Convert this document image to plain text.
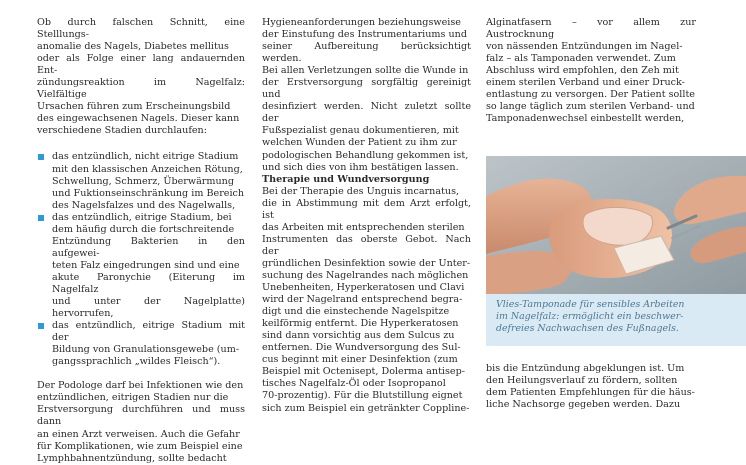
Ob durch falschen Schnitt, eine Stelllungs-
anomalie des Nagels, Diabetes mellitus
oder als Folge einer lang andauernden Ent-
zündungsreaktion im Nagelfalz: Vielfältige
Ursachen führen zum Erscheinungsbild
des eingewachsenen Nagels. Dieser kann
verschiedene Stadien durchlaufen:

das entzündlich, nicht eitrige Stadium
mit den klassischen Anzeichen Rötung,
Schwellung, Schmerz, Überwärmung
und Fuktionseinschränkung im Bereich
des Nagelsfalzes und des Nagelwalls,
das entzündlich, eitrige Stadium, bei
dem häufig durch die fortschreitende
Entzündung Bakterien in den aufgewei-
teten Falz eingedrungen sind und eine
akute Paronychie (Eiterung im Nagelfalz
und unter der Nagelplatte) hervorrufen,
das entzündlich, eitrige Stadium mit der
Bildung von Granulationsgewebe (um-
gangssprachlich „wildes Fleisch“).

Der Podologe darf bei Infektionen wie den
entzündlichen, eitrigen Stadien nur die
Erstversorgung durchführen und muss dann
an einen Arzt verweisen. Auch die Gefahr
für Komplikationen, wie zum Beispiel eine
Lymphbahnentzündung, sollte bedacht

Hygieneanforderungen beziehungsweise
der Einstufung des Instrumentariums und
seiner Aufbereitung berücksichtigt werden.
Bei allen Verletzungen sollte die Wunde in
der Erstversorgung sorgfältig gereinigt und
desinfiziert werden. Nicht zuletzt sollte der
Fußspezialist genau dokumentieren, mit
welchen Wunden der Patient zu ihm zur
podologischen Behandlung gekommen ist,
und sich dies von ihm bestätigen lassen.

Therapie und Wundversorgung

Bei der Therapie des Unguis incarnatus,
die in Abstimmung mit dem Arzt erfolgt, ist
das Arbeiten mit entsprechenden sterilen
Instrumenten das oberste Gebot. Nach der
gründlichen Desinfektion sowie der Unter-
suchung des Nagelrandes nach möglichen
Unebenheiten, Hyperkeratosen und Clavi
wird der Nagelrand entsprechend begra-
digt und die einstechende Nagelspitze
keilförmig entfernt. Die Hyperkeratosen
sind dann vorsichtig aus dem Sulcus zu
entfernen. Die Wundversorgung des Sul-
cus beginnt mit einer Desinfektion (zum
Beispiel mit Octenisept, Dolerma antisep-
tisches Nagelfalz-Öl oder Isopropanol
70-prozentig). Für die Blutstillung eignet
sich zum Beispiel ein getränkter Coppline-

Alginatfasern – vor allem zur Austrocknung
von nässenden Entzündungen im Nagel-
falz – als Tamponaden verwendet. Zum
Abschluss wird empfohlen, den Zeh mit
einem sterilen Verband und einer Druck-
entlastung zu versorgen. Der Patient sollte
so lange täglich zum sterilen Verband- und
Tamponadenwechsel einbestellt werden,

Vlies-Tamponade für sensibles Arbeiten
im Nagelfalz: ermöglicht ein beschwer-
defreies Nachwachsen des Fußnagels.

bis die Entzündung abgeklungen ist. Um
den Heilungsverlauf zu fördern, sollten
dem Patienten Empfehlungen für die häus-
liche Nachsorge gegeben werden. Dazu
